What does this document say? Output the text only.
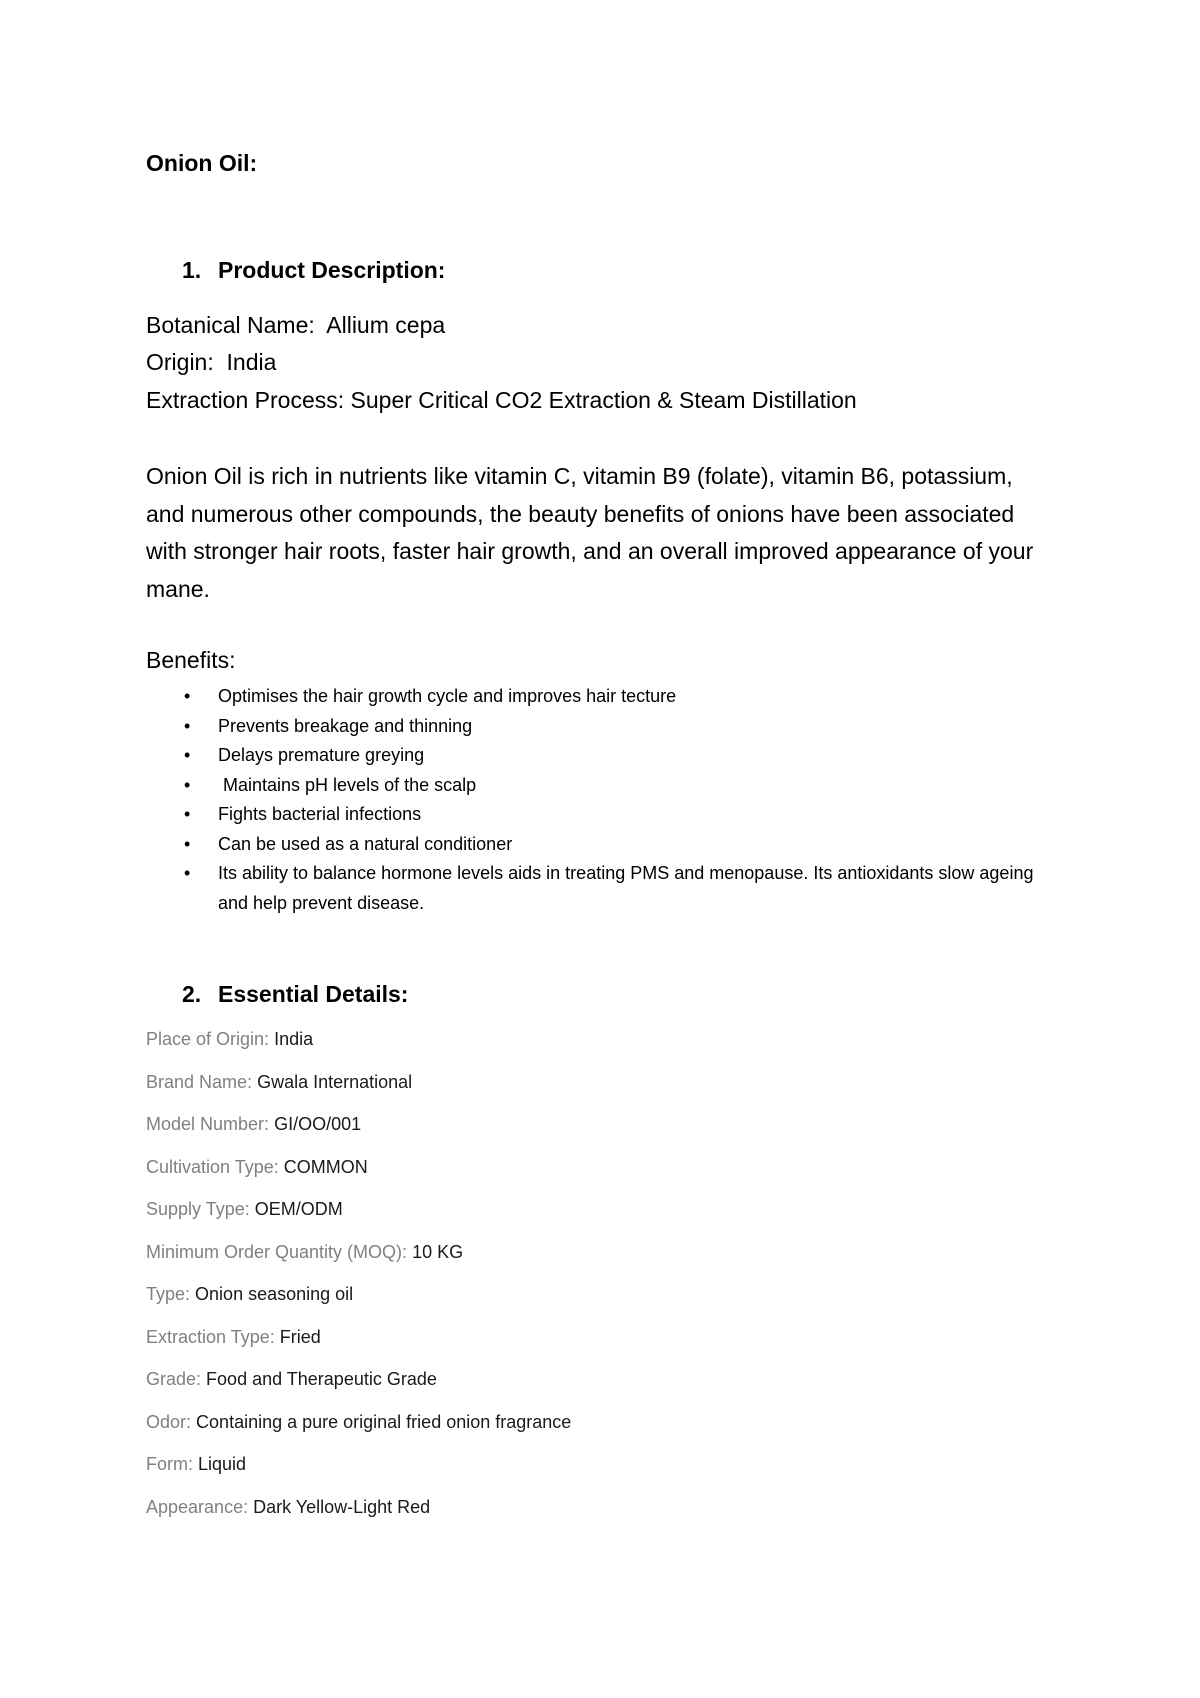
Onion Oil:
1. Product Description:

Botanical Name: Allium cepa

Origin: India

Extraction Process: Super Critical CO2 Extraction & Steam Distillation

Onion Oil is rich in nutrients like vitamin C, vitamin B9 (folate), vitamin B6, potassium, and numerous other compounds, the beauty benefits of onions have been associated with stronger hair roots, faster hair growth, and an overall improved appearance of your mane.

Benefits:

• Optimises the hair growth cycle and improves hair tecture
• Prevents breakage and thinning
• Delays premature greying
• Maintains pH levels of the scalp
• Fights bacterial infections
• Can be used as a natural conditioner
• Its ability to balance hormone levels aids in treating PMS and menopause. Its antioxidants slow ageing and help prevent disease.
2. Essential Details:
Place of Origin: India
Brand Name: Gwala International
Model Number: GI/OO/001
Cultivation Type: COMMON
Supply Type: OEM/ODM
Minimum Order Quantity (MOQ): 10 KG
Type: Onion seasoning oil
Extraction Type: Fried
Grade: Food and Therapeutic Grade
Odor: Containing a pure original fried onion fragrance
Form: Liquid
Appearance: Dark Yellow-Light Red
